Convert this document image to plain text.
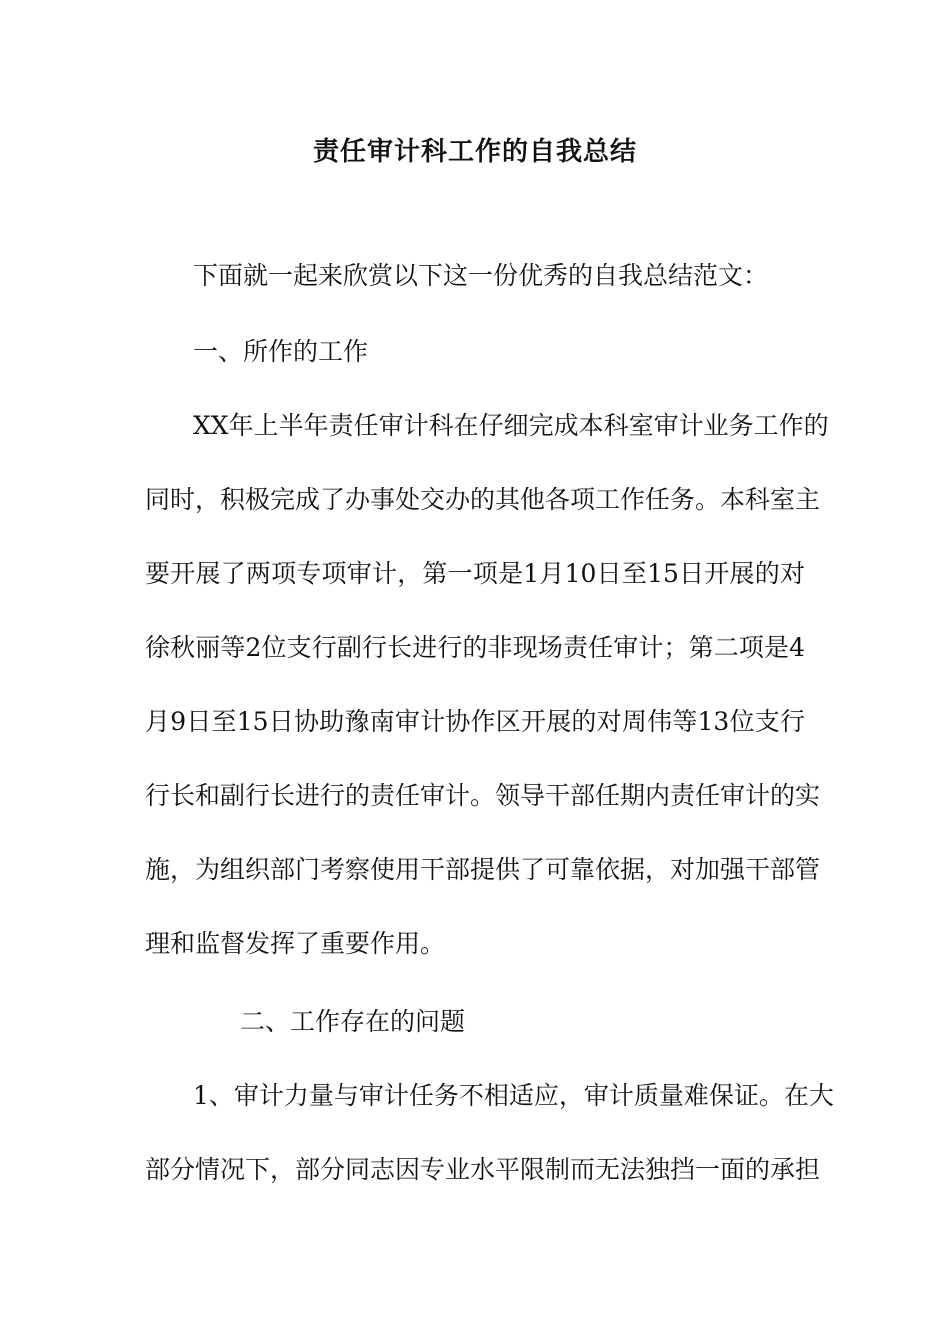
责任审计科工作的自我总结
下面就一起来欣赏以下这一份优秀的自我总结范文：
一、所作的工作
XX年上半年责任审计科在仔细完成本科室审计业务工作的
同时，积极完成了办事处交办的其他各项工作任务。本科室主
要开展了两项专项审计，第一项是1月10日至15日开展的对
徐秋丽等2位支行副行长进行的非现场责任审计；第二项是4
月9日至15日协助豫南审计协作区开展的对周伟等13位支行
行长和副行长进行的责任审计。领导干部任期内责任审计的实
施，为组织部门考察使用干部提供了可靠依据，对加强干部管
理和监督发挥了重要作用。
二、工作存在的问题
1、审计力量与审计任务不相适应，审计质量难保证。在大
部分情况下，部分同志因专业水平限制而无法独挡一面的承担
